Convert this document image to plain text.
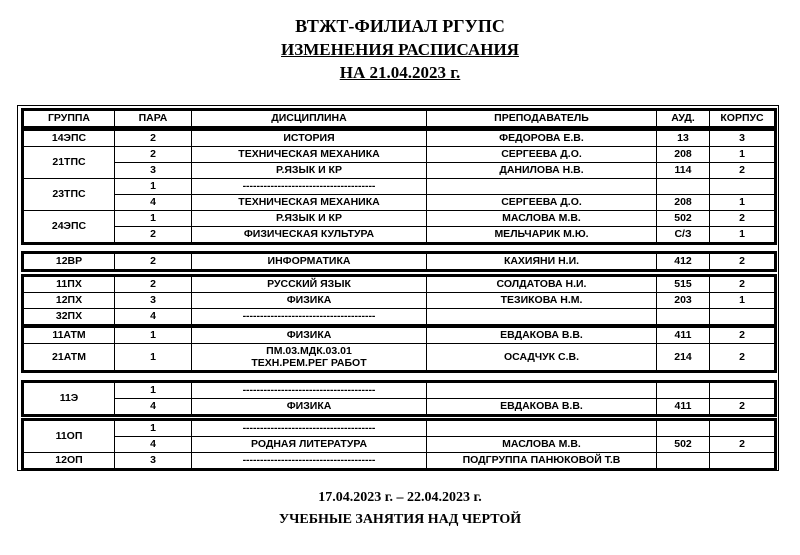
ВТЖТ-ФИЛИАЛ РГУПС
ИЗМЕНЕНИЯ РАСПИСАНИЯ
НА 21.04.2023 г.
ГРУППА	ПАРА	ДИСЦИПЛИНА	ПРЕПОДАВАТЕЛЬ	АУД.	КОРПУС
14ЭПС	2	ИСТОРИЯ	ФЕДОРОВА Е.В.	13	3
21ТПС	2	ТЕХНИЧЕСКАЯ МЕХАНИКА	СЕРГЕЕВА Д.О.	208	1
	3	Р.ЯЗЫК И КР	ДАНИЛОВА Н.В.	114	2
23ТПС	1	--------------------------------------			
	4	ТЕХНИЧЕСКАЯ МЕХАНИКА	СЕРГЕЕВА Д.О.	208	1
24ЭПС	1	Р.ЯЗЫК И КР	МАСЛОВА М.В.	502	2
	2	ФИЗИЧЕСКАЯ КУЛЬТУРА	МЕЛЬЧАРИК М.Ю.	С/З	1
12ВР	2	ИНФОРМАТИКА	КАХИЯНИ Н.И.	412	2
11ПХ	2	РУССКИЙ ЯЗЫК	СОЛДАТОВА Н.И.	515	2
12ПХ	3	ФИЗИКА	ТЕЗИКОВА Н.М.	203	1
32ПХ	4	--------------------------------------			
11АТМ	1	ФИЗИКА	ЕВДАКОВА В.В.	411	2
21АТМ	1	ПМ.03.МДК.03.01
ТЕХН.РЕМ.РЕГ РАБОТ	ОСАДЧУК С.В.	214	2
11Э	1	--------------------------------------			
	4	ФИЗИКА	ЕВДАКОВА В.В.	411	2
11ОП	1	--------------------------------------			
	4	РОДНАЯ ЛИТЕРАТУРА	МАСЛОВА М.В.	502	2
12ОП	3	--------------------------------------	ПОДГРУППА ПАНЮКОВОЙ Т.В		
17.04.2023 г. – 22.04.2023 г.
УЧЕБНЫЕ ЗАНЯТИЯ НАД ЧЕРТОЙ
